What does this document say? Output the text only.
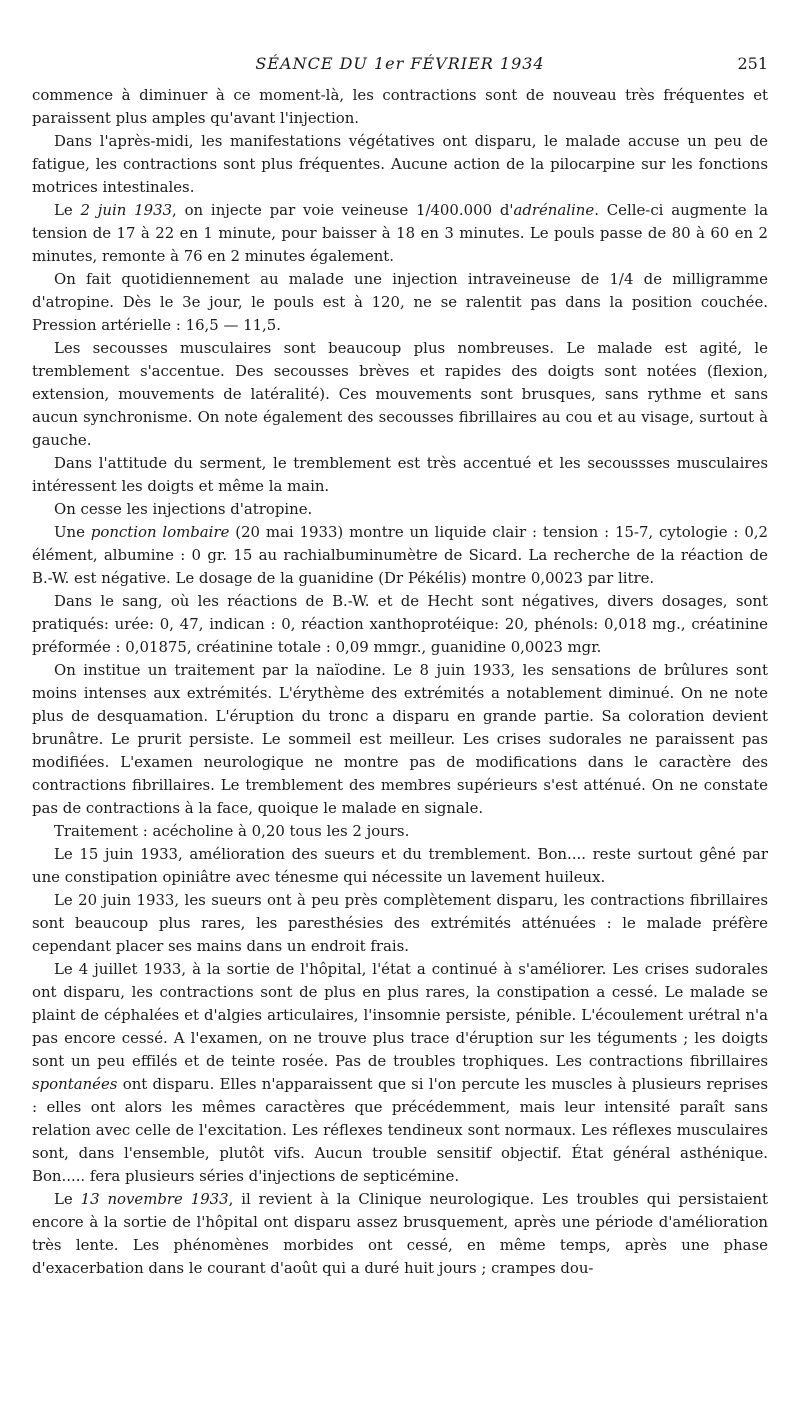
SÉANCE DU 1er FÉVRIER 1934	251

commence à diminuer à ce moment-là, les contractions sont de nouveau très fréquentes et paraissent plus amples qu'avant l'injection.

Dans l'après-midi, les manifestations végétatives ont disparu, le malade accuse un peu de fatigue, les contractions sont plus fréquentes. Aucune action de la pilocarpine sur les fonctions motrices intestinales.

Le 2 juin 1933, on injecte par voie veineuse 1/400.000 d'adrénaline. Celle-ci augmente la tension de 17 à 22 en 1 minute, pour baisser à 18 en 3 minutes. Le pouls passe de 80 à 60 en 2 minutes, remonte à 76 en 2 minutes également.

On fait quotidiennement au malade une injection intraveineuse de 1/4 de milligramme d'atropine. Dès le 3e jour, le pouls est à 120, ne se ralentit pas dans la position couchée. Pression artérielle : 16,5 — 11,5.

Les secousses musculaires sont beaucoup plus nombreuses. Le malade est agité, le tremblement s'accentue. Des secousses brèves et rapides des doigts sont notées (flexion, extension, mouvements de latéralité). Ces mouvements sont brusques, sans rythme et sans aucun synchronisme. On note également des secousses fibrillaires au cou et au visage, surtout à gauche.

Dans l'attitude du serment, le tremblement est très accentué et les secoussses musculaires intéressent les doigts et même la main.

On cesse les injections d'atropine.

Une ponction lombaire (20 mai 1933) montre un liquide clair : tension : 15-7, cytologie : 0,2 élément, albumine : 0 gr. 15 au rachialbuminumètre de Sicard. La recherche de la réaction de B.-W. est négative. Le dosage de la guanidine (Dr Pékélis) montre 0,0023 par litre.

Dans le sang, où les réactions de B.-W. et de Hecht sont négatives, divers dosages, sont pratiqués: urée: 0, 47, indican : 0, réaction xanthoprotéique: 20, phénols: 0,018 mg., créatinine préformée : 0,01875, créatinine totale : 0,09 mmgr., guanidine 0,0023 mgr.

On institue un traitement par la naïodine. Le 8 juin 1933, les sensations de brûlures sont moins intenses aux extrémités. L'érythème des extrémités a notablement diminué. On ne note plus de desquamation. L'éruption du tronc a disparu en grande partie. Sa coloration devient brunâtre. Le prurit persiste. Le sommeil est meilleur. Les crises sudorales ne paraissent pas modifiées. L'examen neurologique ne montre pas de modifications dans le caractère des contractions fibrillaires. Le tremblement des membres supérieurs s'est atténué. On ne constate pas de contractions à la face, quoique le malade en signale.

Traitement : acécholine à 0,20 tous les 2 jours.

Le 15 juin 1933, amélioration des sueurs et du tremblement. Bon.... reste surtout gêné par une constipation opiniâtre avec ténesme qui nécessite un lavement huileux.

Le 20 juin 1933, les sueurs ont à peu près complètement disparu, les contractions fibrillaires sont beaucoup plus rares, les paresthésies des extrémités atténuées : le malade préfère cependant placer ses mains dans un endroit frais.

Le 4 juillet 1933, à la sortie de l'hôpital, l'état a continué à s'améliorer. Les crises sudorales ont disparu, les contractions sont de plus en plus rares, la constipation a cessé. Le malade se plaint de céphalées et d'algies articulaires, l'insomnie persiste, pénible. L'écoulement urétral n'a pas encore cessé. A l'examen, on ne trouve plus trace d'éruption sur les téguments ; les doigts sont un peu effilés et de teinte rosée. Pas de troubles trophiques. Les contractions fibrillaires spontanées ont disparu. Elles n'apparaissent que si l'on percute les muscles à plusieurs reprises : elles ont alors les mêmes caractères que précédemment, mais leur intensité paraît sans relation avec celle de l'excitation. Les réflexes tendineux sont normaux. Les réflexes musculaires sont, dans l'ensemble, plutôt vifs. Aucun trouble sensitif objectif. État général asthénique. Bon..... fera plusieurs séries d'injections de septicémine.

Le 13 novembre 1933, il revient à la Clinique neurologique. Les troubles qui persistaient encore à la sortie de l'hôpital ont disparu assez brusquement, après une période d'amélioration très lente. Les phénomènes morbides ont cessé, en même temps, après une phase d'exacerbation dans le courant d'août qui a duré huit jours ; crampes dou-
